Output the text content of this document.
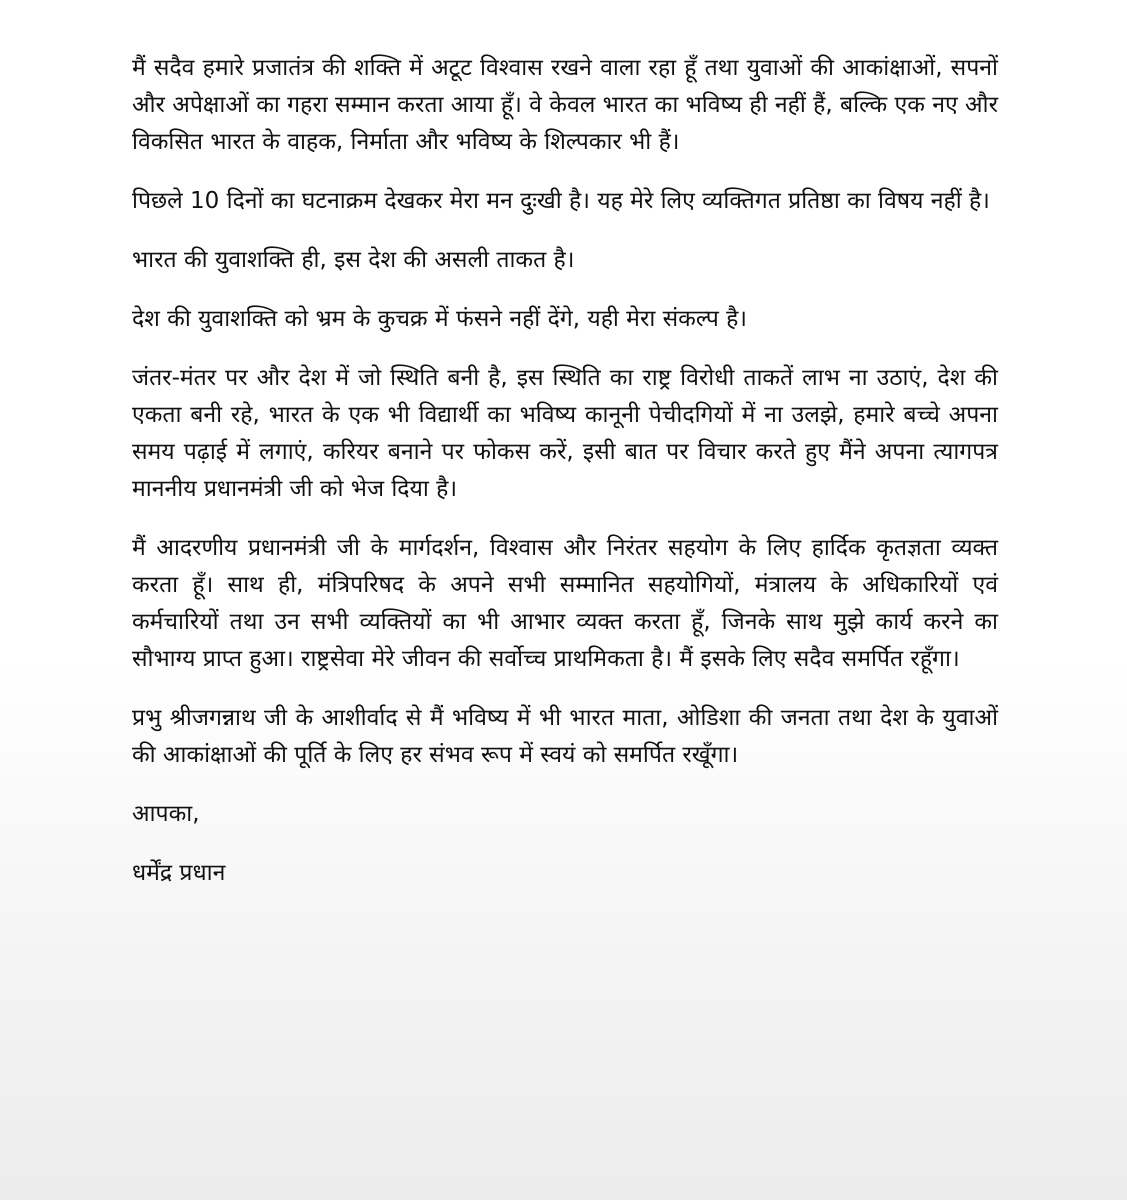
मैं सदैव हमारे प्रजातंत्र की शक्ति में अटूट विश्वास रखने वाला रहा हूँ तथा युवाओं की आकांक्षाओं, सपनों और अपेक्षाओं का गहरा सम्मान करता आया हूँ। वे केवल भारत का भविष्य ही नहीं हैं, बल्कि एक नए और विकसित भारत के वाहक, निर्माता और भविष्य के शिल्पकार भी हैं।

पिछले 10 दिनों का घटनाक्रम देखकर मेरा मन दुःखी है। यह मेरे लिए व्यक्तिगत प्रतिष्ठा का विषय नहीं है।

भारत की युवाशक्ति ही, इस देश की असली ताकत है।

देश की युवाशक्ति को भ्रम के कुचक्र में फंसने नहीं देंगे, यही मेरा संकल्प है।

जंतर-मंतर पर और देश में जो स्थिति बनी है, इस स्थिति का राष्ट्र विरोधी ताकतें लाभ ना उठाएं, देश की एकता बनी रहे, भारत के एक भी विद्यार्थी का भविष्य कानूनी पेचीदगियों में ना उलझे, हमारे बच्चे अपना समय पढ़ाई में लगाएं, करियर बनाने पर फोकस करें, इसी बात पर विचार करते हुए मैंने अपना त्यागपत्र माननीय प्रधानमंत्री जी को भेज दिया है।

मैं आदरणीय प्रधानमंत्री जी के मार्गदर्शन, विश्वास और निरंतर सहयोग के लिए हार्दिक कृतज्ञता व्यक्त करता हूँ। साथ ही, मंत्रिपरिषद के अपने सभी सम्मानित सहयोगियों, मंत्रालय के अधिकारियों एवं कर्मचारियों तथा उन सभी व्यक्तियों का भी आभार व्यक्त करता हूँ, जिनके साथ मुझे कार्य करने का सौभाग्य प्राप्त हुआ। राष्ट्रसेवा मेरे जीवन की सर्वोच्च प्राथमिकता है। मैं इसके लिए सदैव समर्पित रहूँगा।

प्रभु श्रीजगन्नाथ जी के आशीर्वाद से मैं भविष्य में भी भारत माता, ओडिशा की जनता तथा देश के युवाओं की आकांक्षाओं की पूर्ति के लिए हर संभव रूप में स्वयं को समर्पित रखूँगा।

आपका,

धर्मेंद्र प्रधान
